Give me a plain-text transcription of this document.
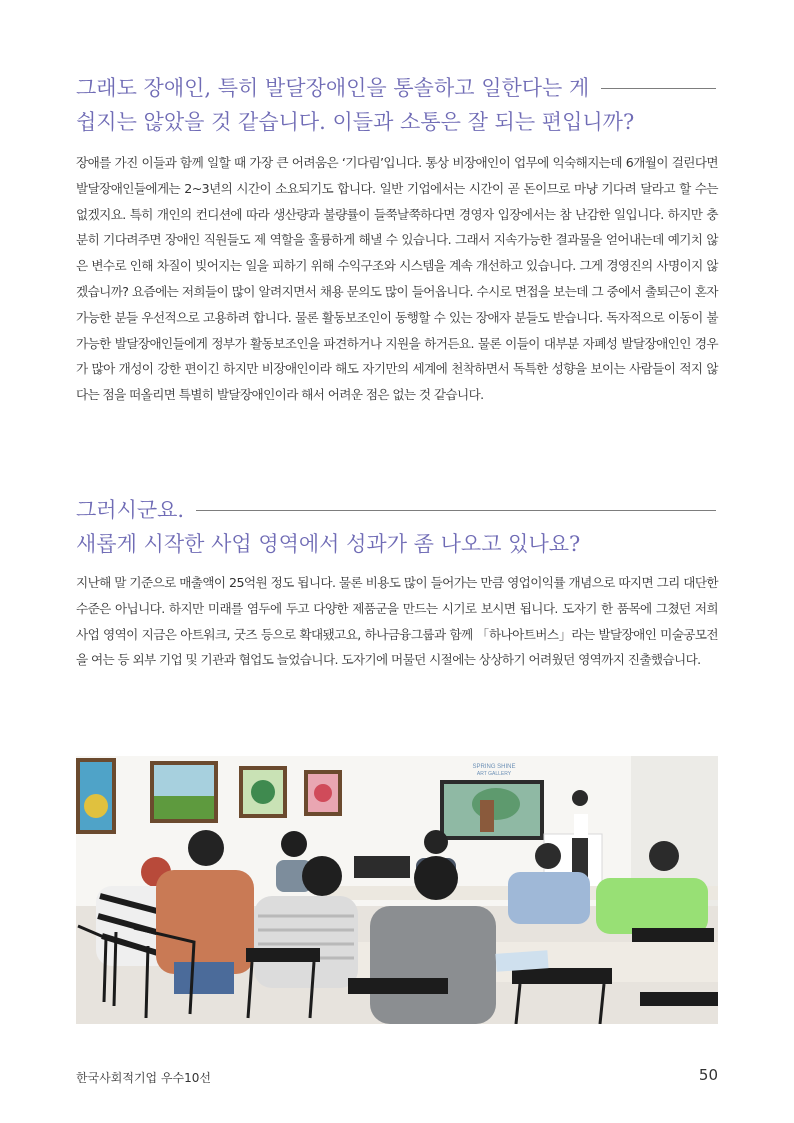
그래도 장애인, 특히 발달장애인을 통솔하고 일한다는 게
쉽지는 않았을 것 같습니다. 이들과 소통은 잘 되는 편입니까?

장애를 가진 이들과 함께 일할 때 가장 큰 어려움은 ‘기다림’입니다. 통상 비장애인이 업무에 익숙해지는데 6개월이 걸린다면 발달장애인들에게는 2~3년의 시간이 소요되기도 합니다. 일반 기업에서는 시간이 곧 돈이므로 마냥 기다려 달라고 할 수는 없겠지요. 특히 개인의 컨디션에 따라 생산량과 불량률이 들쭉날쭉하다면 경영자 입장에서는 참 난감한 일입니다. 하지만 충분히 기다려주면 장애인 직원들도 제 역할을 훌륭하게 해낼 수 있습니다. 그래서 지속가능한 결과물을 얻어내는데 예기치 않은 변수로 인해 차질이 빚어지는 일을 피하기 위해 수익구조와 시스템을 계속 개선하고 있습니다. 그게 경영진의 사명이지 않겠습니까? 요즘에는 저희들이 많이 알려지면서 채용 문의도 많이 들어옵니다. 수시로 면접을 보는데 그 중에서 출퇴근이 혼자 가능한 분들 우선적으로 고용하려 합니다. 물론 활동보조인이 동행할 수 있는 장애자 분들도 받습니다. 독자적으로 이동이 불가능한 발달장애인들에게 정부가 활동보조인을 파견하거나 지원을 하거든요. 물론 이들이 대부분 자폐성 발달장애인인 경우가 많아 개성이 강한 편이긴 하지만 비장애인이라 해도 자기만의 세계에 천착하면서 독특한 성향을 보이는 사람들이 적지 않다는 점을 떠올리면 특별히 발달장애인이라 해서 어려운 점은 없는 것 같습니다.

그러시군요.
새롭게 시작한 사업 영역에서 성과가 좀 나오고 있나요?

지난해 말 기준으로 매출액이 25억원 정도 됩니다. 물론 비용도 많이 들어가는 만큼 영업이익률 개념으로 따지면 그리 대단한 수준은 아닙니다. 하지만 미래를 염두에 두고 다양한 제품군을 만드는 시기로 보시면 됩니다. 도자기 한 품목에 그쳤던 저희 사업 영역이 지금은 아트워크, 굿즈 등으로 확대됐고요, 하나금융그룹과 함께 「하나아트버스」라는 발달장애인 미술공모전을 여는 등 외부 기업 및 기관과 협업도 늘었습니다. 도자기에 머물던 시절에는 상상하기 어려웠던 영역까지 진출했습니다.

SPRING SHINE
ART GALLERY
한국사회적기업 우수10선	50
